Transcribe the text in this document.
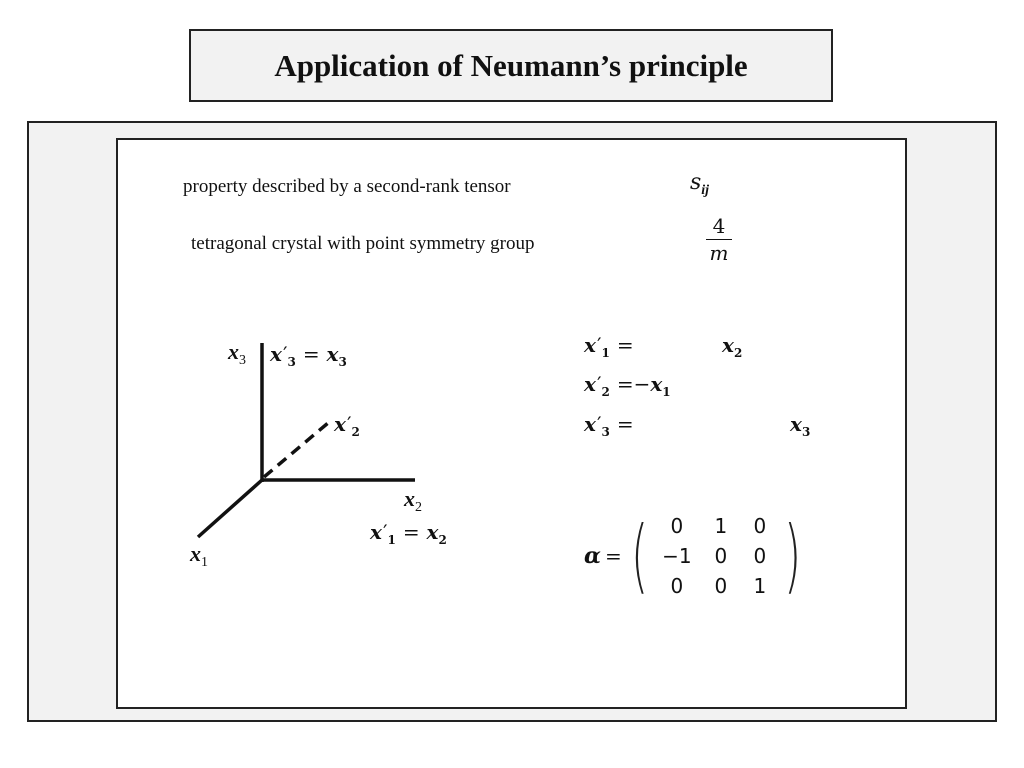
Application of Neumann’s principle
property described by a second-rank tensor	sij
tetragonal crystal with point symmetry group
4
m
$x_3$
$x_2$
$x_1$
$x'_3 = x_3$
$x'_2$
$x'_1 = x_2$
$x'_1$ =	$x_2$
$x'_2 =-x_1$
$x'_3$ =	$x_3$
α = (	0	1	0
−1	0	0
0	0	1 )
